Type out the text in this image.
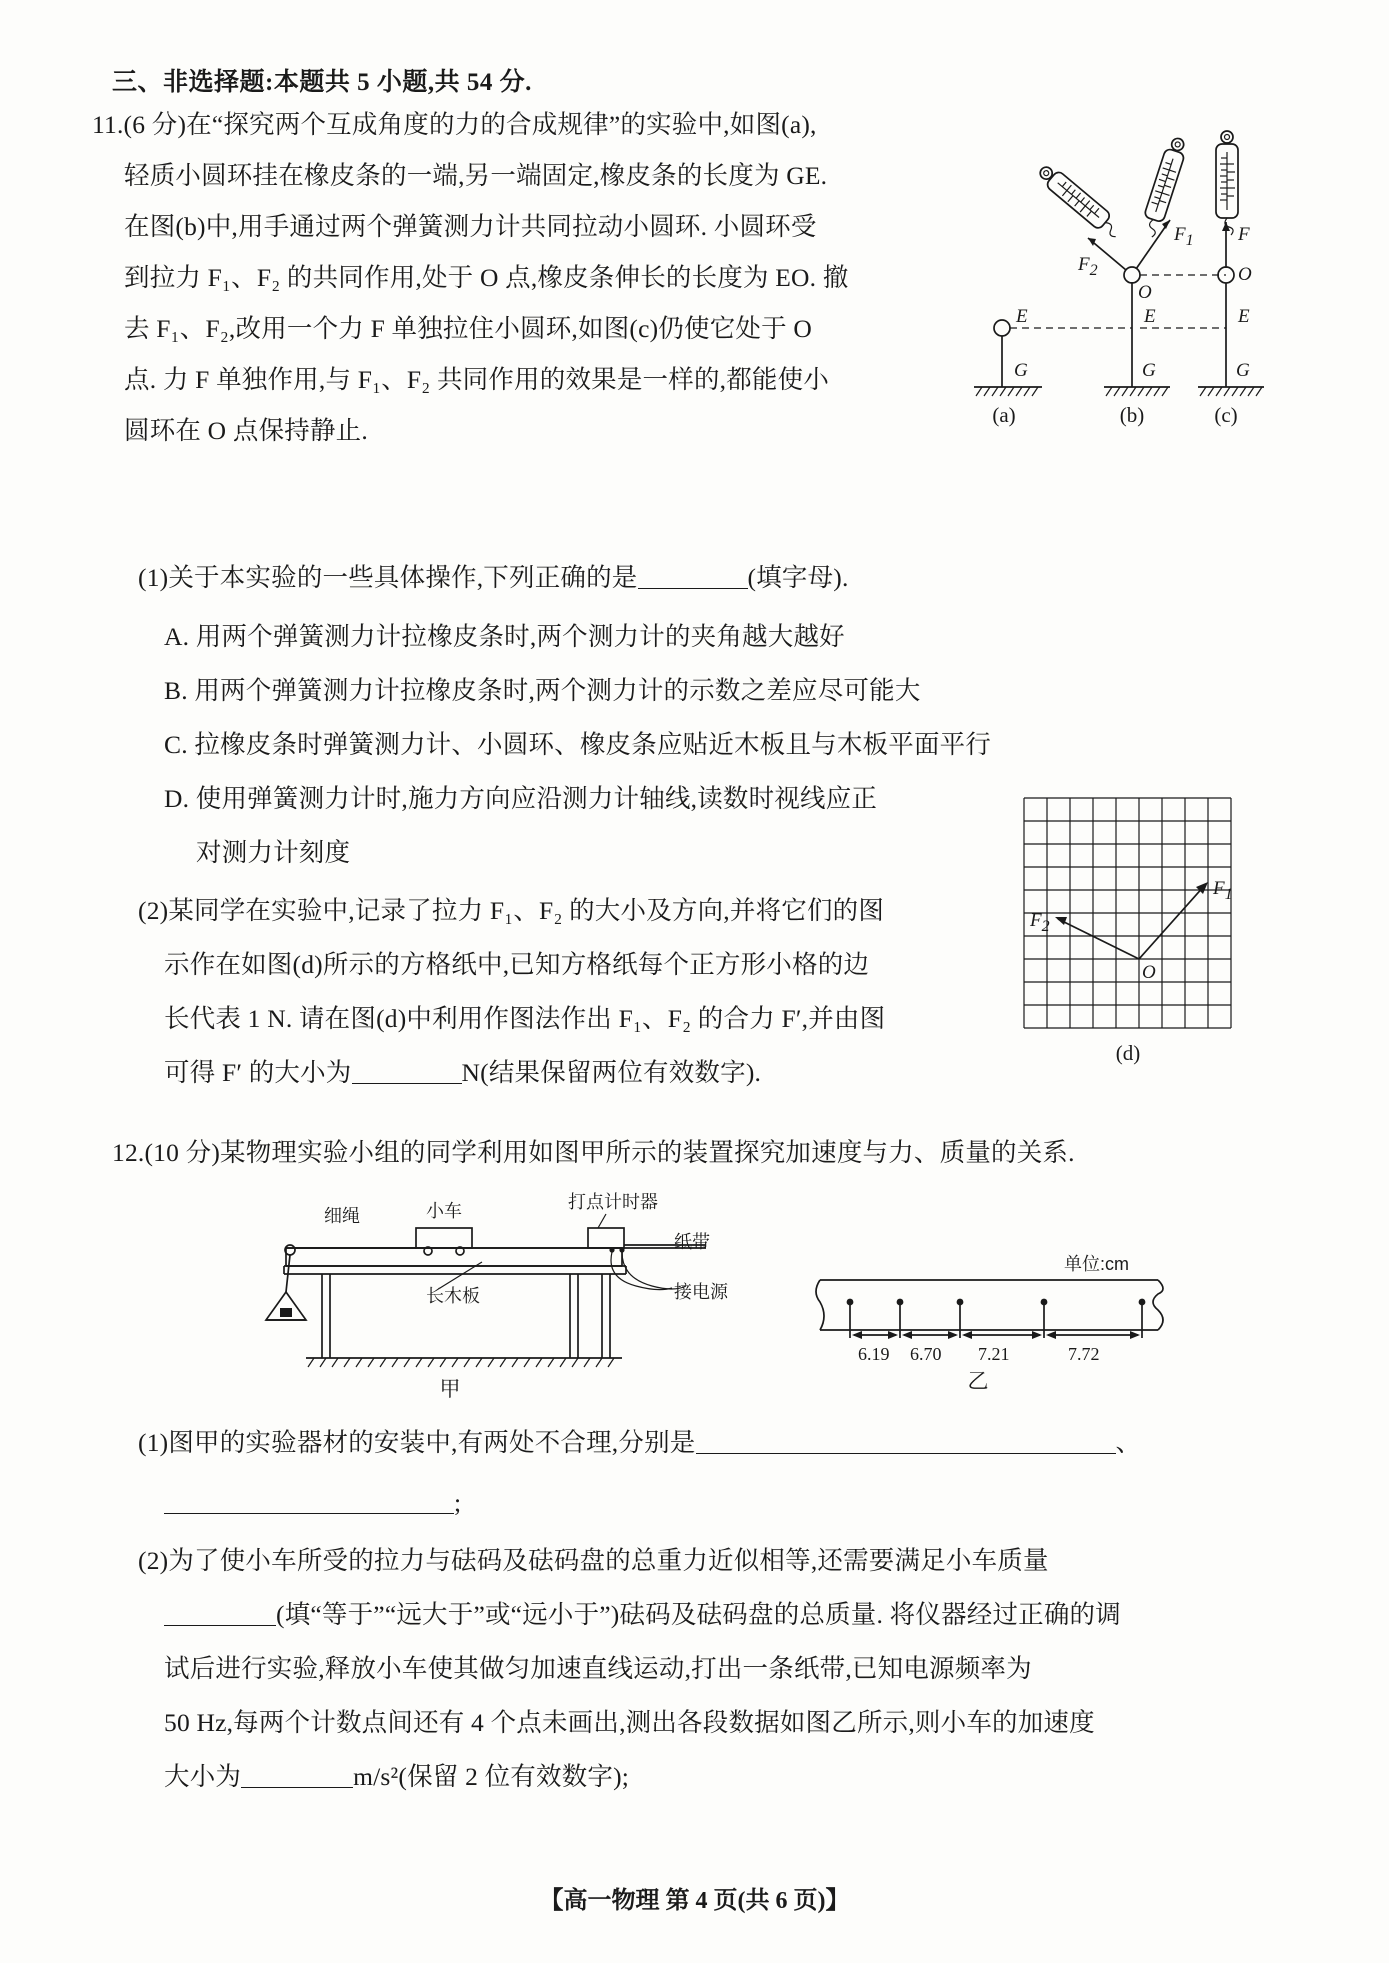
三、非选择题:本题共 5 小题,共 54 分.
11.(6 分)在“探究两个互成角度的力的合成规律”的实验中,如图(a),
轻质小圆环挂在橡皮条的一端,另一端固定,橡皮条的长度为 GE.
在图(b)中,用手通过两个弹簧测力计共同拉动小圆环. 小圆环受
到拉力 F₁、F₂ 的共同作用,处于 O 点,橡皮条伸长的长度为 EO. 撤
去 F₁、F₂,改用一个力 F 单独拉住小圆环,如图(c)仍使它处于 O
点. 力 F 单独作用,与 F₁、F₂ 共同作用的效果是一样的,都能使小
圆环在 O 点保持静止.
E
G
(a)
$F_2$
$F_1$
O
E
G
(b)
F
O
E
G
(c)
(1)关于本实验的一些具体操作,下列正确的是	(填字母).
A. 用两个弹簧测力计拉橡皮条时,两个测力计的夹角越大越好
B. 用两个弹簧测力计拉橡皮条时,两个测力计的示数之差应尽可能大
C. 拉橡皮条时弹簧测力计、小圆环、橡皮条应贴近木板且与木板平面平行
D. 使用弹簧测力计时,施力方向应沿测力计轴线,读数时视线应正
对测力计刻度
(2)某同学在实验中,记录了拉力 F₁、F₂ 的大小及方向,并将它们的图
示作在如图(d)所示的方格纸中,已知方格纸每个正方形小格的边
长代表 1 N. 请在图(d)中利用作图法作出 F₁、F₂ 的合力 F′,并由图
可得 F′ 的大小为	N(结果保留两位有效数字).
$F_1$
$F_2$
O
(d)
12.(10 分)某物理实验小组的同学利用如图甲所示的装置探究加速度与力、质量的关系.
细绳	小车	打点计时器
纸带
长木板	接电源
甲
单位:cm
6.19 6.70 7.21	7.72
乙
(1)图甲的实验器材的安装中,有两处不合理,分别是	、
;
(2)为了使小车所受的拉力与砝码及砝码盘的总重力近似相等,还需要满足小车质量
(填“等于”“远大于”或“远小于”)砝码及砝码盘的总质量. 将仪器经过正确的调
试后进行实验,释放小车使其做匀加速直线运动,打出一条纸带,已知电源频率为
50 Hz,每两个计数点间还有 4 个点未画出,测出各段数据如图乙所示,则小车的加速度
大小为	m/s²(保留 2 位有效数字);
【高一物理 第 4 页(共 6 页)】
